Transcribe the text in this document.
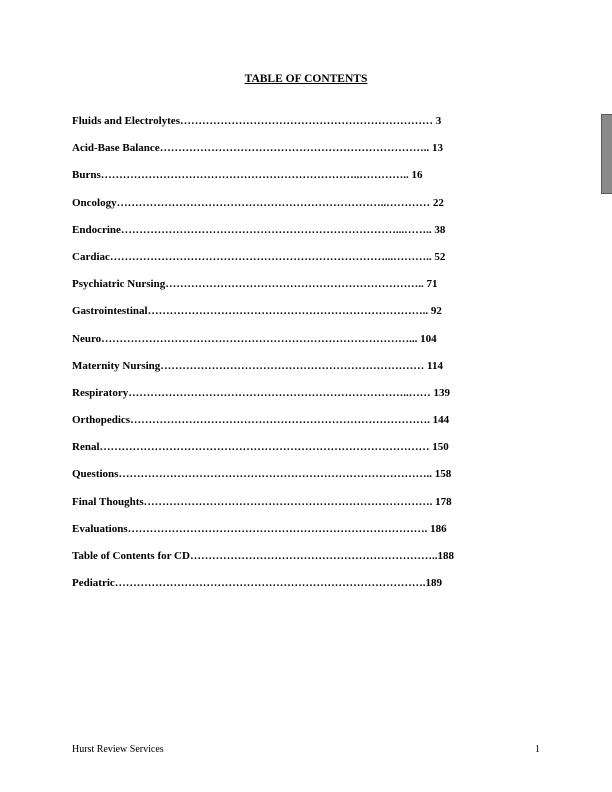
TABLE OF CONTENTS
Fluids and Electrolytes…………………………………………………………… 3
Acid-Base Balance……………………………………………………………….. 13
Burns……………………………………………………………..………….. 16
Oncology………………………………………………………………..………… 22
Endocrine…………………………………………………………………...…….. 38
Cardiac…………………………………………………………………...……….. 52
Psychiatric Nursing…………………………………………………………….. 71
Gastrointestinal………………………………………………………………….. 92
Neuro…………………………………………………………………………... 104
Maternity Nursing……………………………………………………………… 114
Respiratory…………………………………………………………………..…… 139
Orthopedics………………………………………………………………………. 144
Renal……………………………………………………………………………… 150
Questions………………………………………………………………………….. 158
Final Thoughts……………………………………………………………………. 178
Evaluations………………………………………………………………………. 186
Table of Contents for CD…………………………………………………………..188
Pediatric………………………………………………………………………….189
Hurst Review Services	1
